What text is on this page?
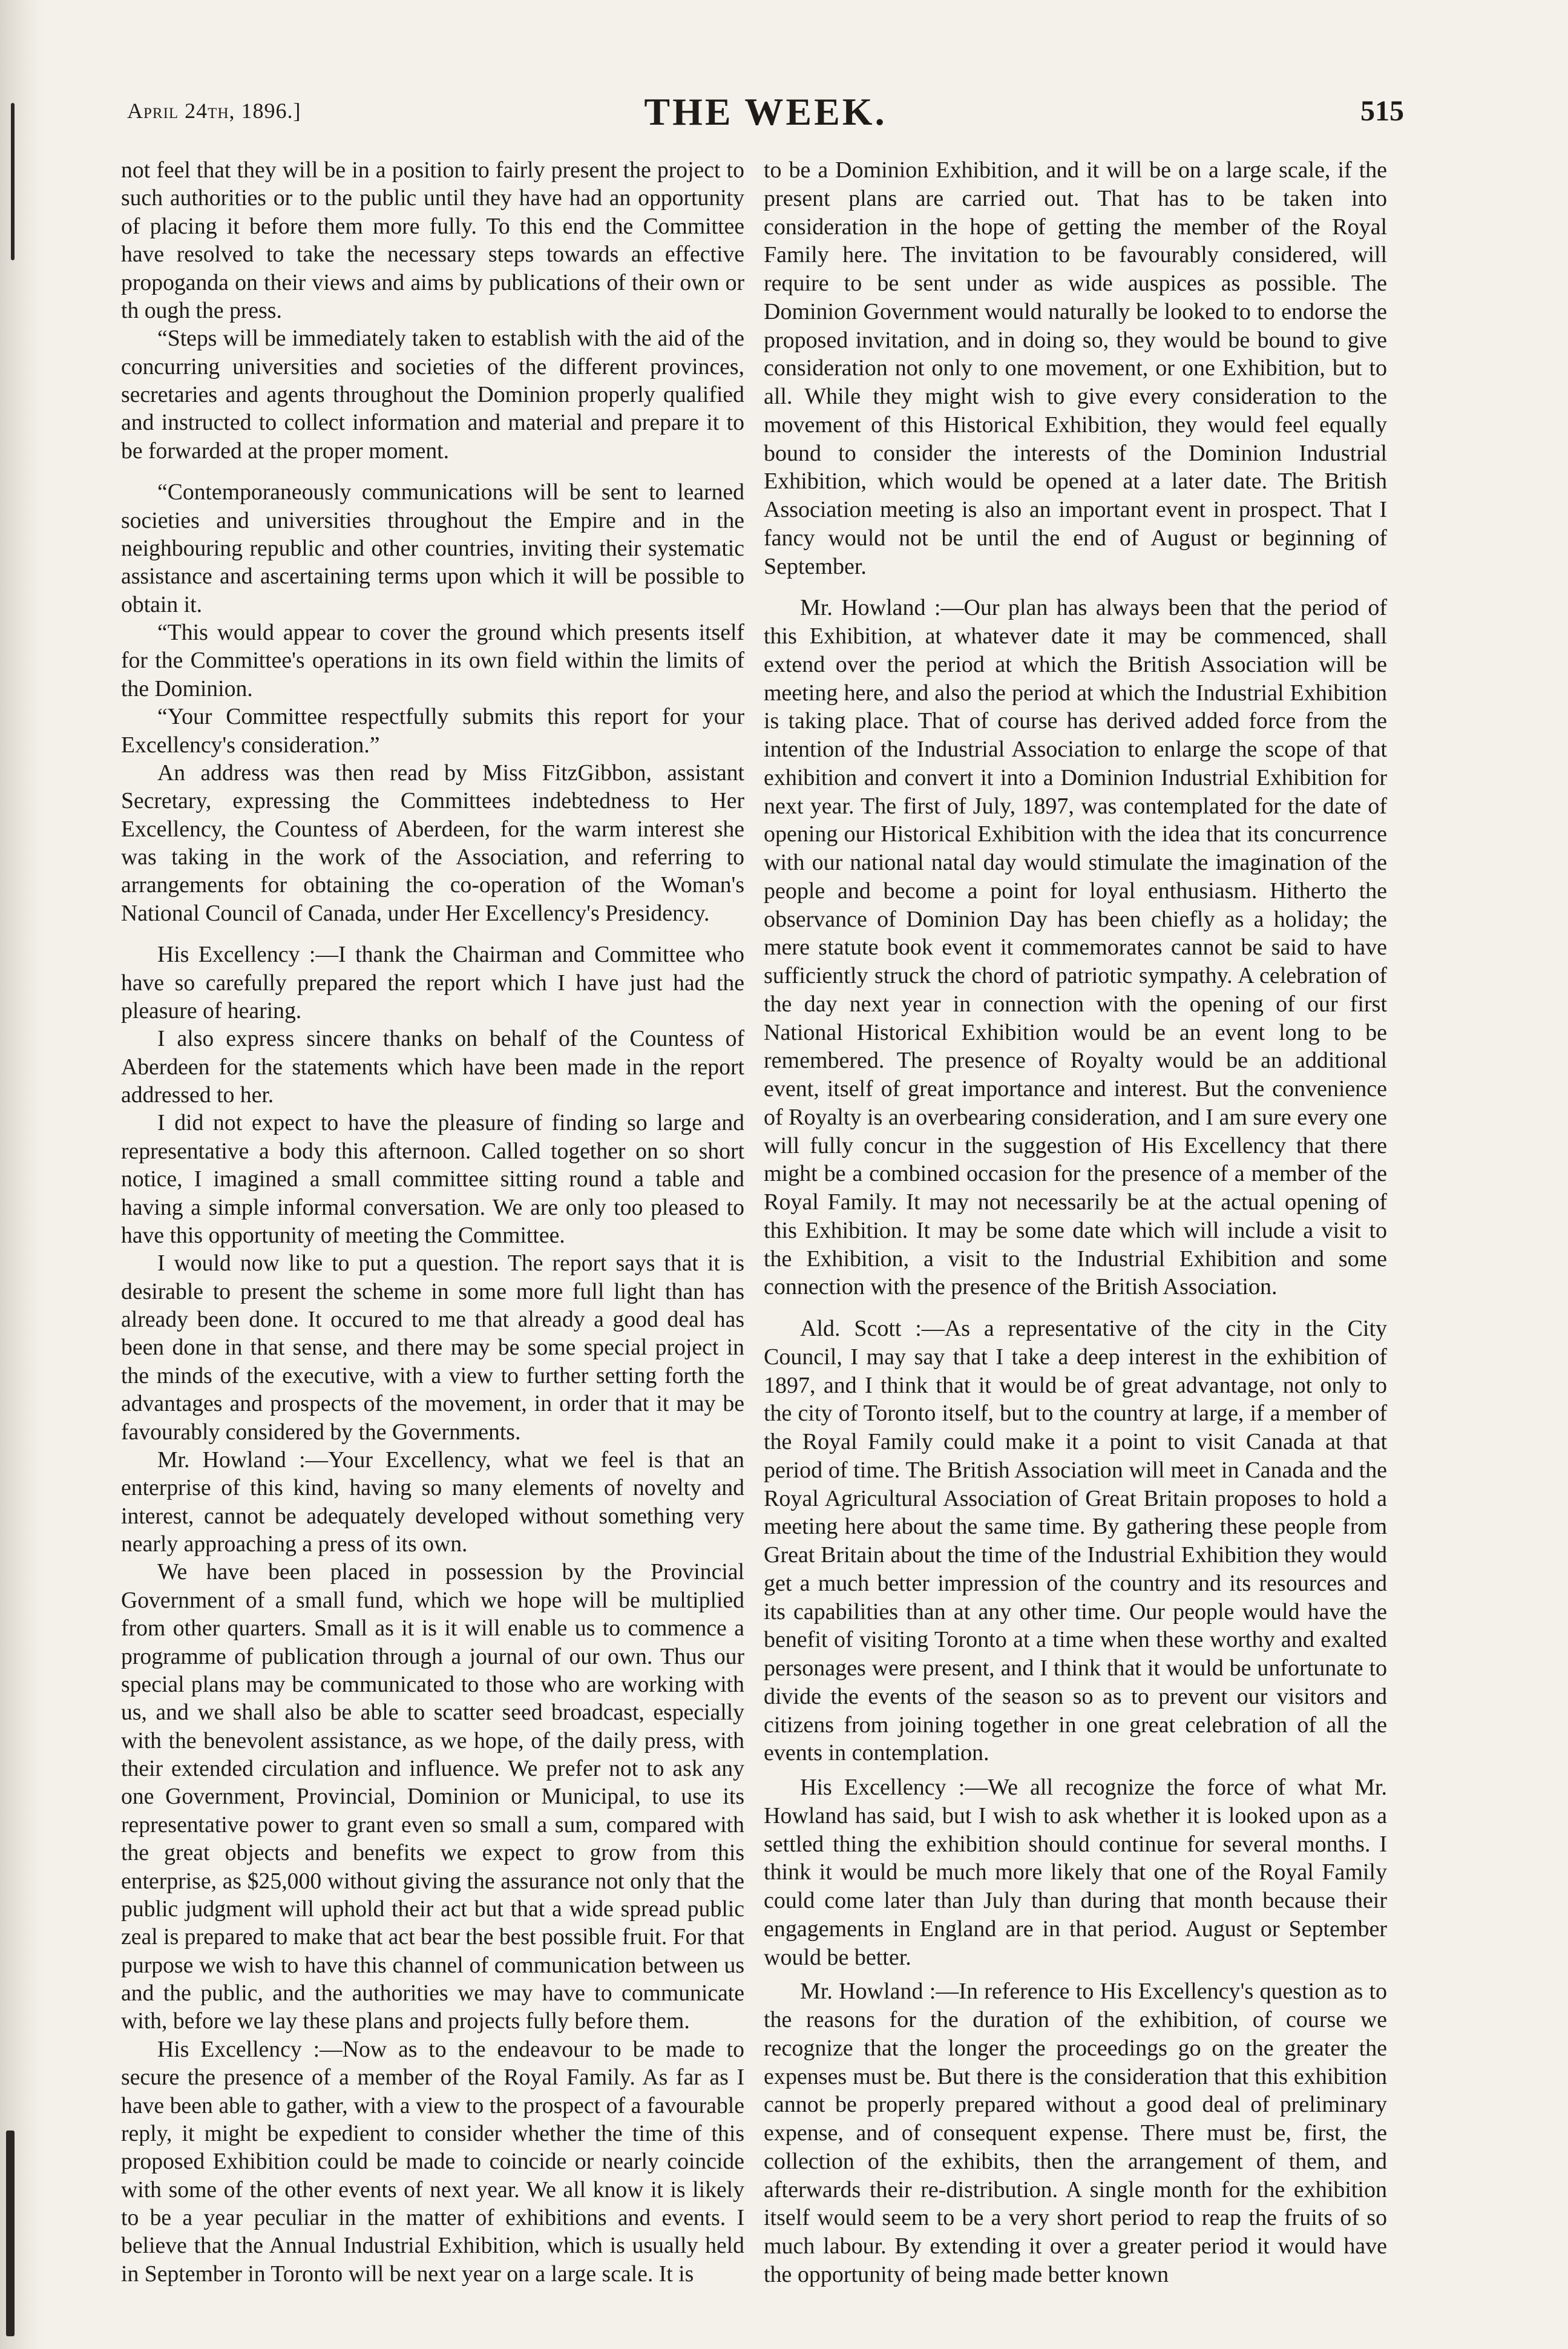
April 24th, 1896.]	THE WEEK.	515

not feel that they will be in a position to fairly present the project to such authorities or to the public until they have had an opportunity of placing it before them more fully. To this end the Committee have resolved to take the necessary steps towards an effective propoganda on their views and aims by publications of their own or th ough the press.

“Steps will be immediately taken to establish with the aid of the concurring universities and societies of the different provinces, secretaries and agents throughout the Dominion properly qualified and instructed to collect information and material and prepare it to be forwarded at the proper moment.

“Contemporaneously communications will be sent to learned societies and universities throughout the Empire and in the neighbouring republic and other countries, inviting their systematic assistance and ascertaining terms upon which it will be possible to obtain it.

“This would appear to cover the ground which presents itself for the Committee's operations in its own field within the limits of the Dominion.

“Your Committee respectfully submits this report for your Excellency's consideration.”

An address was then read by Miss FitzGibbon, assistant Secretary, expressing the Committees indebtedness to Her Excellency, the Countess of Aberdeen, for the warm interest she was taking in the work of the Association, and referring to arrangements for obtaining the co-operation of the Woman's National Council of Canada, under Her Excellency's Presidency.

His Excellency :—I thank the Chairman and Committee who have so carefully prepared the report which I have just had the pleasure of hearing.

I also express sincere thanks on behalf of the Countess of Aberdeen for the statements which have been made in the report addressed to her.

I did not expect to have the pleasure of finding so large and representative a body this afternoon. Called together on so short notice, I imagined a small committee sitting round a table and having a simple informal conversation. We are only too pleased to have this opportunity of meeting the Committee.

I would now like to put a question. The report says that it is desirable to present the scheme in some more full light than has already been done. It occured to me that already a good deal has been done in that sense, and there may be some special project in the minds of the executive, with a view to further setting forth the advantages and prospects of the movement, in order that it may be favourably considered by the Governments.

Mr. Howland :—Your Excellency, what we feel is that an enterprise of this kind, having so many elements of novelty and interest, cannot be adequately developed without something very nearly approaching a press of its own.

We have been placed in possession by the Provincial Government of a small fund, which we hope will be multiplied from other quarters. Small as it is it will enable us to commence a programme of publication through a journal of our own. Thus our special plans may be communicated to those who are working with us, and we shall also be able to scatter seed broadcast, especially with the benevolent assistance, as we hope, of the daily press, with their extended circulation and influence. We prefer not to ask any one Government, Provincial, Dominion or Municipal, to use its representative power to grant even so small a sum, compared with the great objects and benefits we expect to grow from this enterprise, as $25,000 without giving the assurance not only that the public judgment will uphold their act but that a wide spread public zeal is prepared to make that act bear the best possible fruit. For that purpose we wish to have this channel of communication between us and the public, and the authorities we may have to communicate with, before we lay these plans and projects fully before them.

His Excellency :—Now as to the endeavour to be made to secure the presence of a member of the Royal Family. As far as I have been able to gather, with a view to the prospect of a favourable reply, it might be expedient to consider whether the time of this proposed Exhibition could be made to coincide or nearly coincide with some of the other events of next year. We all know it is likely to be a year peculiar in the matter of exhibitions and events. I believe that the Annual Industrial Exhibition, which is usually held in September in Toronto will be next year on a large scale. It is

to be a Dominion Exhibition, and it will be on a large scale, if the present plans are carried out. That has to be taken into consideration in the hope of getting the member of the Royal Family here. The invitation to be favourably considered, will require to be sent under as wide auspices as possible. The Dominion Government would naturally be looked to to endorse the proposed invitation, and in doing so, they would be bound to give consideration not only to one movement, or one Exhibition, but to all. While they might wish to give every consideration to the movement of this Historical Exhibition, they would feel equally bound to consider the interests of the Dominion Industrial Exhibition, which would be opened at a later date. The British Association meeting is also an important event in prospect. That I fancy would not be until the end of August or beginning of September.

Mr. Howland :—Our plan has always been that the period of this Exhibition, at whatever date it may be commenced, shall extend over the period at which the British Association will be meeting here, and also the period at which the Industrial Exhibition is taking place. That of course has derived added force from the intention of the Industrial Association to enlarge the scope of that exhibition and convert it into a Dominion Industrial Exhibition for next year. The first of July, 1897, was contemplated for the date of opening our Historical Exhibition with the idea that its concurrence with our national natal day would stimulate the imagination of the people and become a point for loyal enthusiasm. Hitherto the observance of Dominion Day has been chiefly as a holiday; the mere statute book event it commemorates cannot be said to have sufficiently struck the chord of patriotic sympathy. A celebration of the day next year in connection with the opening of our first National Historical Exhibition would be an event long to be remembered. The presence of Royalty would be an additional event, itself of great importance and interest. But the convenience of Royalty is an overbearing consideration, and I am sure every one will fully concur in the suggestion of His Excellency that there might be a combined occasion for the presence of a member of the Royal Family. It may not necessarily be at the actual opening of this Exhibition. It may be some date which will include a visit to the Exhibition, a visit to the Industrial Exhibition and some connection with the presence of the British Association.

Ald. Scott :—As a representative of the city in the City Council, I may say that I take a deep interest in the exhibition of 1897, and I think that it would be of great advantage, not only to the city of Toronto itself, but to the country at large, if a member of the Royal Family could make it a point to visit Canada at that period of time. The British Association will meet in Canada and the Royal Agricultural Association of Great Britain proposes to hold a meeting here about the same time. By gathering these people from Great Britain about the time of the Industrial Exhibition they would get a much better impression of the country and its resources and its capabilities than at any other time. Our people would have the benefit of visiting Toronto at a time when these worthy and exalted personages were present, and I think that it would be unfortunate to divide the events of the season so as to prevent our visitors and citizens from joining together in one great celebration of all the events in contemplation.

His Excellency :—We all recognize the force of what Mr. Howland has said, but I wish to ask whether it is looked upon as a settled thing the exhibition should continue for several months. I think it would be much more likely that one of the Royal Family could come later than July than during that month because their engagements in England are in that period. August or September would be better.

Mr. Howland :—In reference to His Excellency's question as to the reasons for the duration of the exhibition, of course we recognize that the longer the proceedings go on the greater the expenses must be. But there is the consideration that this exhibition cannot be properly prepared without a good deal of preliminary expense, and of consequent expense. There must be, first, the collection of the exhibits, then the arrangement of them, and afterwards their re-distribution. A single month for the exhibition itself would seem to be a very short period to reap the fruits of so much labour. By extending it over a greater period it would have the opportunity of being made better known
